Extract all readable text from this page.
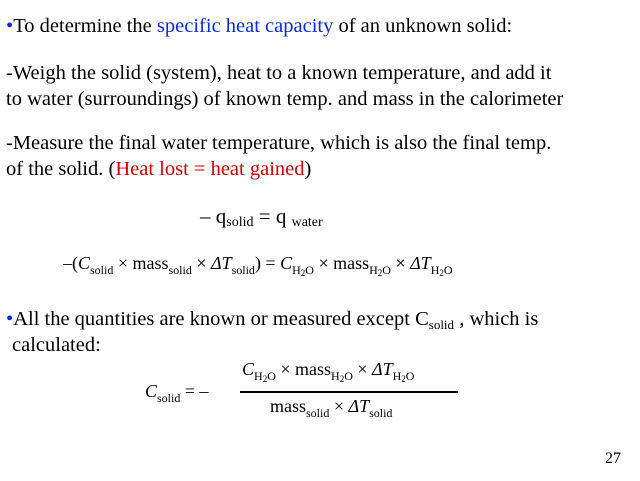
•To determine the specific heat capacity of an unknown solid:
-Weigh the solid (system), heat to a known temperature, and add it
to water (surroundings) of known temp. and mass in the calorimeter
-Measure the final water temperature, which is also the final temp.
of the solid. (Heat lost = heat gained)
– $q_{solid} = q$ $_{water}$
$-(C_{solid}$ × mass$_{solid}$ × $\Delta T_{solid}) = C_{H_2O}$ × mass$_{H_2O}$ × $\Delta T_{H_2O}$
•All the quantities are known or measured except $C_{solid}$ , which is
calculated:
$C_{solid}$ = –
$C_{H_2O}$ × mass$_{H_2O}$ × $\Delta T_{H_2O}$
mass$_{solid}$ × $\Delta T_{solid}$
27
